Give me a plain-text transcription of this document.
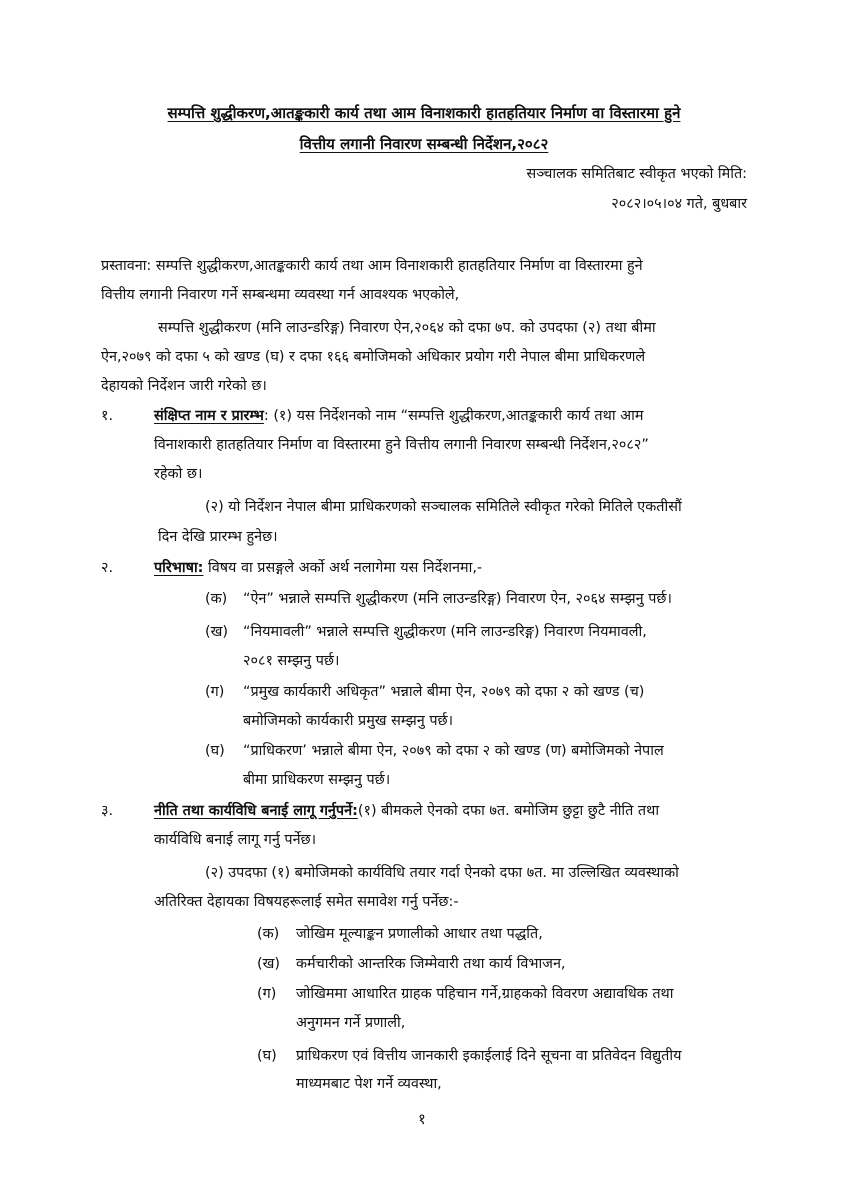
सम्पत्ति शुद्धीकरण,आतङ्ककारी कार्य तथा आम विनाशकारी हातहतियार निर्माण वा विस्तारमा हुने
वित्तीय लगानी निवारण सम्बन्धी निर्देशन,२०८२
सञ्चालक समितिबाट स्वीकृत भएको मिति:
२०८२।०५।०४ गते, बुधबार
प्रस्तावना: सम्पत्ति शुद्धीकरण,आतङ्ककारी कार्य तथा आम विनाशकारी हातहतियार निर्माण वा विस्तारमा हुने
वित्तीय लगानी निवारण गर्ने सम्बन्धमा व्यवस्था गर्न आवश्यक भएकोले,
सम्पत्ति शुद्धीकरण (मनि लाउन्डरिङ्ग) निवारण ऐन,२०६४ को दफा ७प. को उपदफा (२) तथा बीमा
ऐन,२०७९ को दफा ५ को खण्ड (घ) र दफा १६६ बमोजिमको अधिकार प्रयोग गरी नेपाल बीमा प्राधिकरणले
देहायको निर्देशन जारी गरेको छ।
१.	संक्षिप्त नाम र प्रारम्भ: (१) यस निर्देशनको नाम “सम्पत्ति शुद्धीकरण,आतङ्ककारी कार्य तथा आम
विनाशकारी हातहतियार निर्माण वा विस्तारमा हुने वित्तीय लगानी निवारण सम्बन्धी निर्देशन,२०८२”
रहेको छ।
(२) यो निर्देशन नेपाल बीमा प्राधिकरणको सञ्चालक समितिले स्वीकृत गरेको मितिले एकतीसौं
दिन देखि प्रारम्भ हुनेछ।
२.	परिभाषा: विषय वा प्रसङ्गले अर्को अर्थ नलागेमा यस निर्देशनमा,-
(क) “ऐन” भन्नाले सम्पत्ति शुद्धीकरण (मनि लाउन्डरिङ्ग) निवारण ऐन, २०६४ सम्झनु पर्छ।
(ख) “नियमावली” भन्नाले सम्पत्ति शुद्धीकरण (मनि लाउन्डरिङ्ग) निवारण नियमावली,
२०८१ सम्झनु पर्छ।
(ग) “प्रमुख कार्यकारी अधिकृत” भन्नाले बीमा ऐन, २०७९ को दफा २ को खण्ड (च)
बमोजिमको कार्यकारी प्रमुख सम्झनु पर्छ।
(घ) “प्राधिकरण’ भन्नाले बीमा ऐन, २०७९ को दफा २ को खण्ड (ण) बमोजिमको नेपाल
बीमा प्राधिकरण सम्झनु पर्छ।
३.	नीति तथा कार्यविधि बनाई लागू गर्नुपर्ने:(१) बीमकले ऐनको दफा ७त. बमोजिम छुट्टा छुटै नीति तथा
कार्यविधि बनाई लागू गर्नु पर्नेछ।
(२) उपदफा (१) बमोजिमको कार्यविधि तयार गर्दा ऐनको दफा ७त. मा उल्लिखित व्यवस्थाको
अतिरिक्त देहायका विषयहरूलाई समेत समावेश गर्नु पर्नेछ:-
(क) जोखिम मूल्याङ्कन प्रणालीको आधार तथा पद्धति,
(ख) कर्मचारीको आन्तरिक जिम्मेवारी तथा कार्य विभाजन,
(ग) जोखिममा आधारित ग्राहक पहिचान गर्ने,ग्राहकको विवरण अद्यावधिक तथा
अनुगमन गर्ने प्रणाली,
(घ) प्राधिकरण एवं वित्तीय जानकारी इकाईलाई दिने सूचना वा प्रतिवेदन विद्युतीय
माध्यमबाट पेश गर्ने व्यवस्था,
१
